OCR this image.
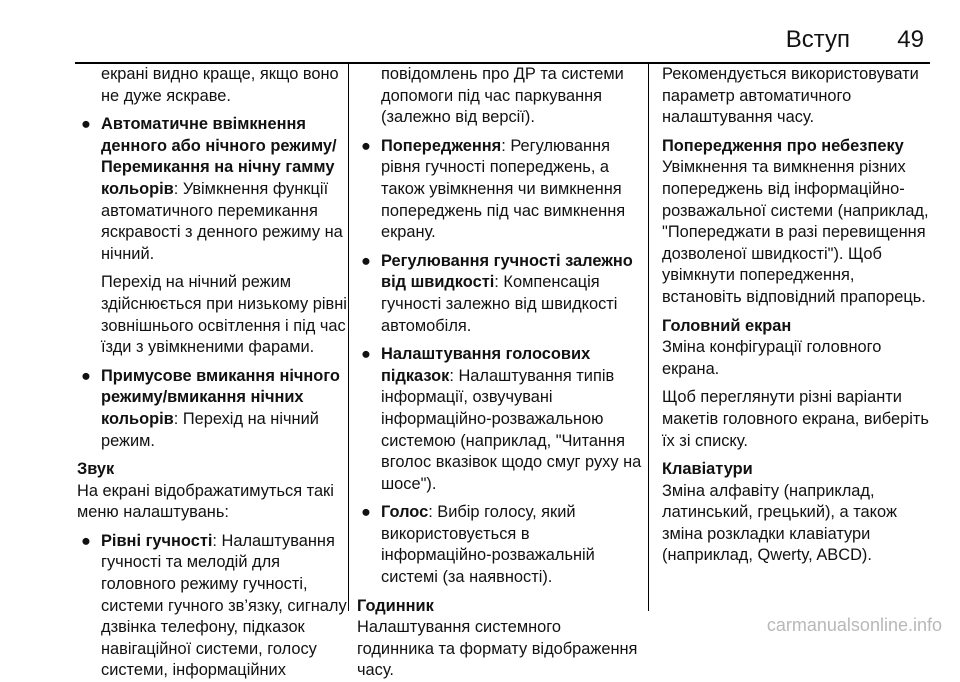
Вступ 49

екрані видно краще, якщо воно не дуже яскраве.

● Автоматичне ввімкнення денного або нічного режиму/ Перемикання на нічну гамму кольорів: Увімкнення функції автоматичного перемикання яскравості з денного режиму на нічний.

Перехід на нічний режим здійснюється при низькому рівні зовнішнього освітлення і під час їзди з увімкненими фарами.

● Примусове вмикання нічного режиму/вмикання нічних кольорів: Перехід на нічний режим.

Звук

На екрані відображатимуться такі меню налаштувань:

● Рівні гучності: Налаштування гучності та мелодій для головного режиму гучності, системи гучного зв’язку, сигналу дзвінка телефону, підказок навігаційної системи, голосу системи, інформаційних

повідомлень про ДР та системи допомоги під час паркування (залежно від версії).

● Попередження: Регулювання рівня гучності попереджень, а також увімкнення чи вимкнення попереджень під час вимкнення екрану.
● Регулювання гучності залежно від швидкості: Компенсація гучності залежно від швидкості автомобіля.
● Налаштування голосових підказок: Налаштування типів інформації, озвучувані інформаційно-розважальною системою (наприклад, "Читання вголос вказівок щодо смуг руху на шосе").
● Голос: Вибір голосу, який використовується в інформаційно-розважальній системі (за наявності).

Годинник

Налаштування системного годинника та формату відображення часу.

Рекомендується використовувати параметр автоматичного налаштування часу.

Попередження про небезпеку

Увімкнення та вимкнення різних попереджень від інформаційно-розважальної системи (наприклад, "Попереджати в разі перевищення дозволеної швидкості"). Щоб увімкнути попередження, встановіть відповідний прапорець.

Головний екран

Зміна конфігурації головного екрана.

Щоб переглянути різні варіанти макетів головного екрана, виберіть їх зі списку.

Клавіатури

Зміна алфавіту (наприклад, латинський, грецький), а також зміна розкладки клавіатури (наприклад, Qwerty, ABCD).

carmanualsonline.info
